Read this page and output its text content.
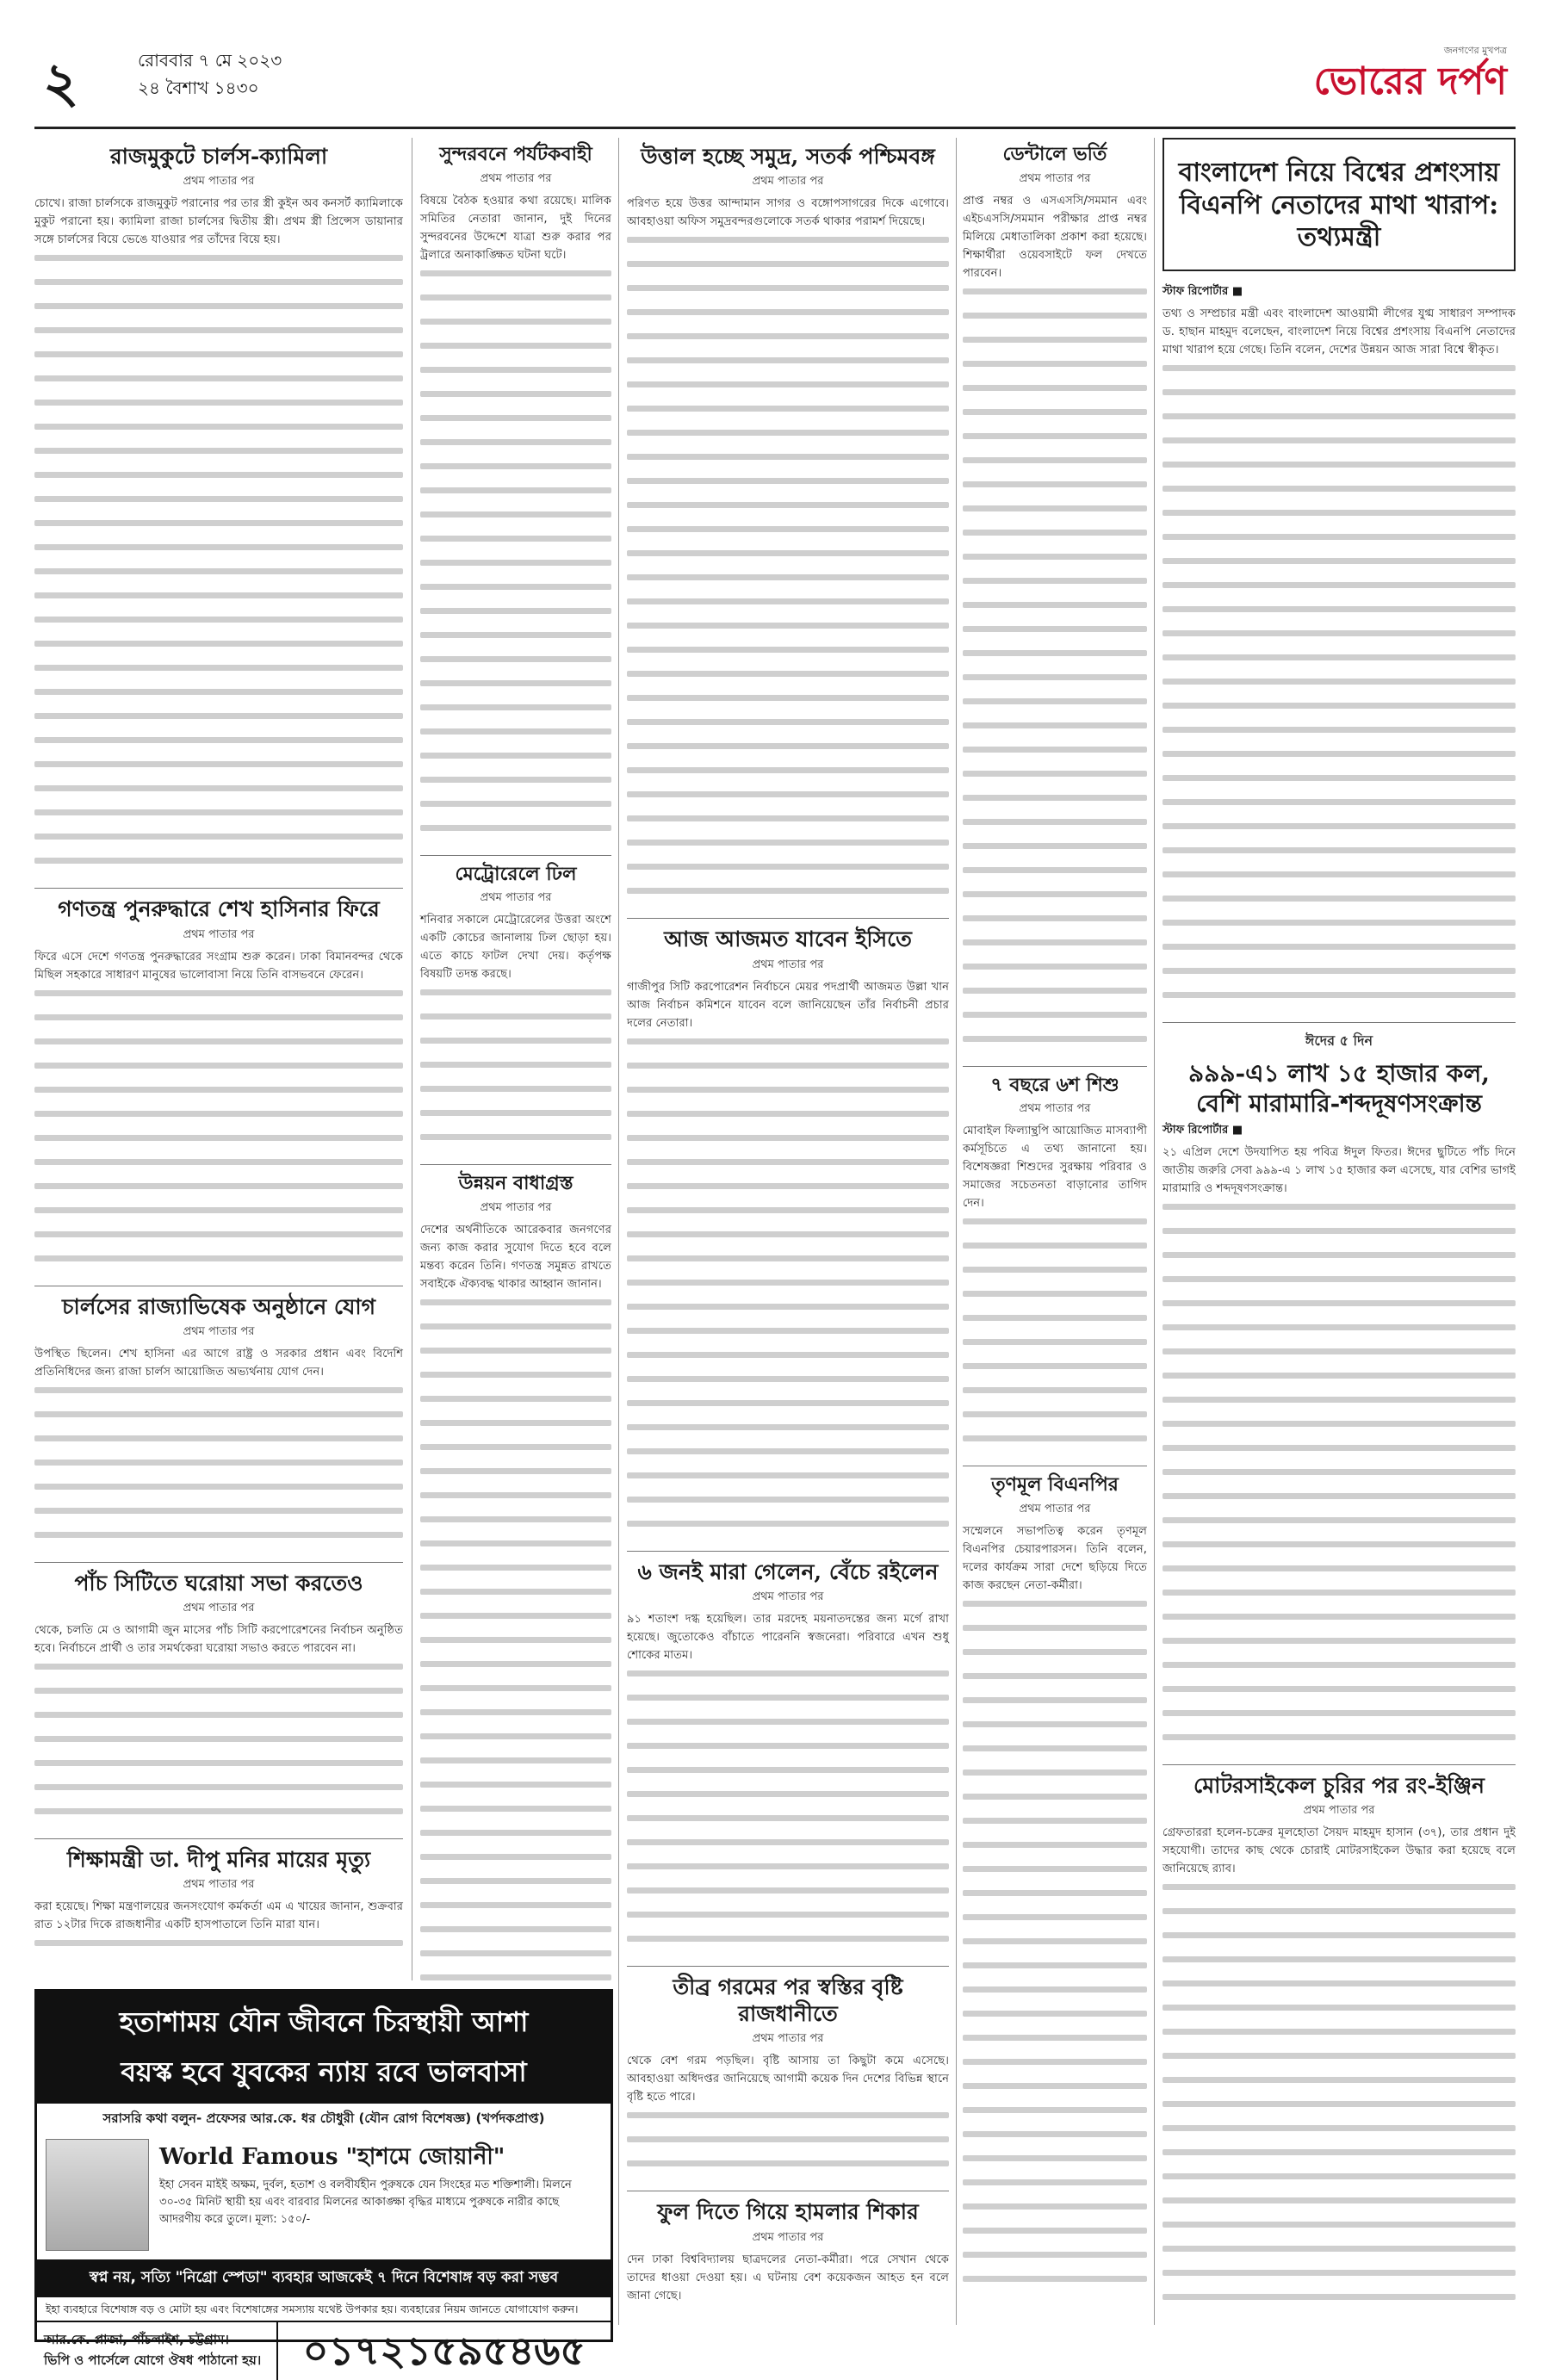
২	রোববার ৭ মে ২০২৩
২৪ বৈশাখ ১৪৩০
জনগণের মুখপত্র
ভোরের দর্পণ
রাজমুকুটে চার্লস-ক্যামিলা
প্রথম পাতার পর

চোখে। রাজা চার্লসকে রাজমুকুট পরানোর পর তার স্ত্রী কুইন অব কনসর্ট ক্যামিলাকে মুকুট পরানো হয়। ক্যামিলা রাজা চার্লসের দ্বিতীয় স্ত্রী। প্রথম স্ত্রী প্রিন্সেস ডায়ানার সঙ্গে চার্লসের বিয়ে ভেঙে যাওয়ার পর তাঁদের বিয়ে হয়।

গণতন্ত্র পুনরুদ্ধারে শেখ হাসিনার ফিরে
প্রথম পাতার পর

ফিরে এসে দেশে গণতন্ত্র পুনরুদ্ধারের সংগ্রাম শুরু করেন। ঢাকা বিমানবন্দর থেকে মিছিল সহকারে সাধারণ মানুষের ভালোবাসা নিয়ে তিনি বাসভবনে ফেরেন।

চার্লসের রাজ্যাভিষেক অনুষ্ঠানে যোগ
প্রথম পাতার পর

উপস্থিত ছিলেন। শেখ হাসিনা এর আগে রাষ্ট্র ও সরকার প্রধান এবং বিদেশি প্রতিনিধিদের জন্য রাজা চার্লস আয়োজিত অভ্যর্থনায় যোগ দেন।

পাঁচ সিটিতে ঘরোয়া সভা করতেও
প্রথম পাতার পর

থেকে, চলতি মে ও আগামী জুন মাসের পাঁচ সিটি করপোরেশনের নির্বাচন অনুষ্ঠিত হবে। নির্বাচনে প্রার্থী ও তার সমর্থকেরা ঘরোয়া সভাও করতে পারবেন না।

শিক্ষামন্ত্রী ডা. দীপু মনির মায়ের মৃত্যু
প্রথম পাতার পর

করা হয়েছে। শিক্ষা মন্ত্রণালয়ের জনসংযোগ কর্মকর্তা এম এ খায়ের জানান, শুক্রবার রাত ১২টার দিকে রাজধানীর একটি হাসপাতালে তিনি মারা যান।

সুন্দরবনে পর্যটকবাহী
প্রথম পাতার পর

বিষয়ে বৈঠক হওয়ার কথা রয়েছে। মালিক সমিতির নেতারা জানান, দুই দিনের সুন্দরবনের উদ্দেশে যাত্রা শুরু করার পর ট্রলারে অনাকাঙ্ক্ষিত ঘটনা ঘটে।

মেট্রোরেলে ঢিল
প্রথম পাতার পর

শনিবার সকালে মেট্রোরেলের উত্তরা অংশে একটি কোচের জানালায় ঢিল ছোড়া হয়। এতে কাচে ফাটল দেখা দেয়। কর্তৃপক্ষ বিষয়টি তদন্ত করছে।

উন্নয়ন বাধাগ্রস্ত
প্রথম পাতার পর

দেশের অর্থনীতিকে আরেকবার জনগণের জন্য কাজ করার সুযোগ দিতে হবে বলে মন্তব্য করেন তিনি। গণতন্ত্র সমুন্নত রাখতে সবাইকে ঐক্যবদ্ধ থাকার আহ্বান জানান।

উত্তাল হচ্ছে সমুদ্র, সতর্ক পশ্চিমবঙ্গ
প্রথম পাতার পর

পরিণত হয়ে উত্তর আন্দামান সাগর ও বঙ্গোপসাগরের দিকে এগোবে। আবহাওয়া অফিস সমুদ্রবন্দরগুলোকে সতর্ক থাকার পরামর্শ দিয়েছে।

আজ আজমত যাবেন ইসিতে
প্রথম পাতার পর

গাজীপুর সিটি করপোরেশন নির্বাচনে মেয়র পদপ্রার্থী আজমত উল্লা খান আজ নির্বাচন কমিশনে যাবেন বলে জানিয়েছেন তাঁর নির্বাচনী প্রচার দলের নেতারা।

৬ জনই মারা গেলেন, বেঁচে রইলেন
প্রথম পাতার পর

৯১ শতাংশ দগ্ধ হয়েছিল। তার মরদেহ ময়নাতদন্তের জন্য মর্গে রাখা হয়েছে। জুতোকেও বাঁচাতে পারেননি স্বজনেরা। পরিবারে এখন শুধু শোকের মাতম।

তীব্র গরমের পর স্বস্তির বৃষ্টি রাজধানীতে
প্রথম পাতার পর

থেকে বেশ গরম পড়ছিল। বৃষ্টি আসায় তা কিছুটা কমে এসেছে। আবহাওয়া অধিদপ্তর জানিয়েছে আগামী কয়েক দিন দেশের বিভিন্ন স্থানে বৃষ্টি হতে পারে।

ফুল দিতে গিয়ে হামলার শিকার
প্রথম পাতার পর

দেন ঢাকা বিশ্ববিদ্যালয় ছাত্রদলের নেতা-কর্মীরা। পরে সেখান থেকে তাদের ধাওয়া দেওয়া হয়। এ ঘটনায় বেশ কয়েকজন আহত হন বলে জানা গেছে।

ডেন্টালে ভর্তি
প্রথম পাতার পর

প্রাপ্ত নম্বর ও এসএসসি/সমমান এবং এইচএসসি/সমমান পরীক্ষার প্রাপ্ত নম্বর মিলিয়ে মেধাতালিকা প্রকাশ করা হয়েছে। শিক্ষার্থীরা ওয়েবসাইটে ফল দেখতে পারবেন।

৭ বছরে ৬শ শিশু
প্রথম পাতার পর

মোবাইল ফিল্যান্থ্রপি আয়োজিত মাসব্যাপী কর্মসূচিতে এ তথ্য জানানো হয়। বিশেষজ্ঞরা শিশুদের সুরক্ষায় পরিবার ও সমাজের সচেতনতা বাড়ানোর তাগিদ দেন।

তৃণমূল বিএনপির
প্রথম পাতার পর

সম্মেলনে সভাপতিত্ব করেন তৃণমূল বিএনপির চেয়ারপারসন। তিনি বলেন, দলের কার্যক্রম সারা দেশে ছড়িয়ে দিতে কাজ করছেন নেতা-কর্মীরা।

বাংলাদেশ নিয়ে বিশ্বের প্রশংসায় বিএনপি নেতাদের মাথা খারাপ: তথ্যমন্ত্রী
স্টাফ রিপোর্টার ■

তথ্য ও সম্প্রচার মন্ত্রী এবং বাংলাদেশ আওয়ামী লীগের যুগ্ম সাধারণ সম্পাদক ড. হাছান মাহমুদ বলেছেন, বাংলাদেশ নিয়ে বিশ্বের প্রশংসায় বিএনপি নেতাদের মাথা খারাপ হয়ে গেছে। তিনি বলেন, দেশের উন্নয়ন আজ সারা বিশ্বে স্বীকৃত।

ঈদের ৫ দিন
৯৯৯-এ১ লাখ ১৫ হাজার কল, বেশি মারামারি-শব্দদূষণসংক্রান্ত
স্টাফ রিপোর্টার ■

২১ এপ্রিল দেশে উদযাপিত হয় পবিত্র ঈদুল ফিতর। ঈদের ছুটিতে পাঁচ দিনে জাতীয় জরুরি সেবা ৯৯৯-এ ১ লাখ ১৫ হাজার কল এসেছে, যার বেশির ভাগই মারামারি ও শব্দদূষণসংক্রান্ত।

মোটরসাইকেল চুরির পর রং-ইঞ্জিন
প্রথম পাতার পর

গ্রেফতাররা হলেন-চক্রের মূলহোতা সৈয়দ মাহমুদ হাসান (৩৭), তার প্রধান দুই সহযোগী। তাদের কাছ থেকে চোরাই মোটরসাইকেল উদ্ধার করা হয়েছে বলে জানিয়েছে র‍্যাব।

হতাশাময় যৌন জীবনে চিরস্থায়ী আশা
বয়স্ক হবে যুবকের ন্যায় রবে ভালবাসা
সরাসরি কথা বলুন- প্রফেসর আর.কে. ধর চৌধুরী (যৌন রোগ বিশেষজ্ঞ) (খর্পদকপ্রাপ্ত)
World Famous "হাশমে জোয়ানী"
ইহা সেবন মাইই অক্ষম, দুর্বল, হতাশ ও বলবীর্যহীন পুরুষকে যেন সিংহের মত শক্তিশালী। মিলনে ৩০-৩৫ মিনিট স্থায়ী হয় এবং বারবার মিলনের আকাঙ্ক্ষা বৃদ্ধির মাধ্যমে পুরুষকে নারীর কাছে আদরণীয় করে তুলে। মূল্য: ১৫০/-
স্বপ্ন নয়, সত্যি "নিগ্রো স্পেডা" ব্যবহার আজকেই ৭ দিনে বিশেষাঙ্গ বড় করা সম্ভব
ইহা ব্যবহারে বিশেষাঙ্গ বড় ও মোটা হয় এবং বিশেষাঙ্গের সমস্যায় যথেষ্ট উপকার হয়। ব্যবহারের নিয়ম জানতে যোগাযোগ করুন।
আর.কে. প্লাজা, পাঁচলাইশ, চট্টগ্রাম।
ভিপি ও পার্সেলে যোগে ঔষধ পাঠানো হয়।	০১৭২১৫৯৫৪৬৫
